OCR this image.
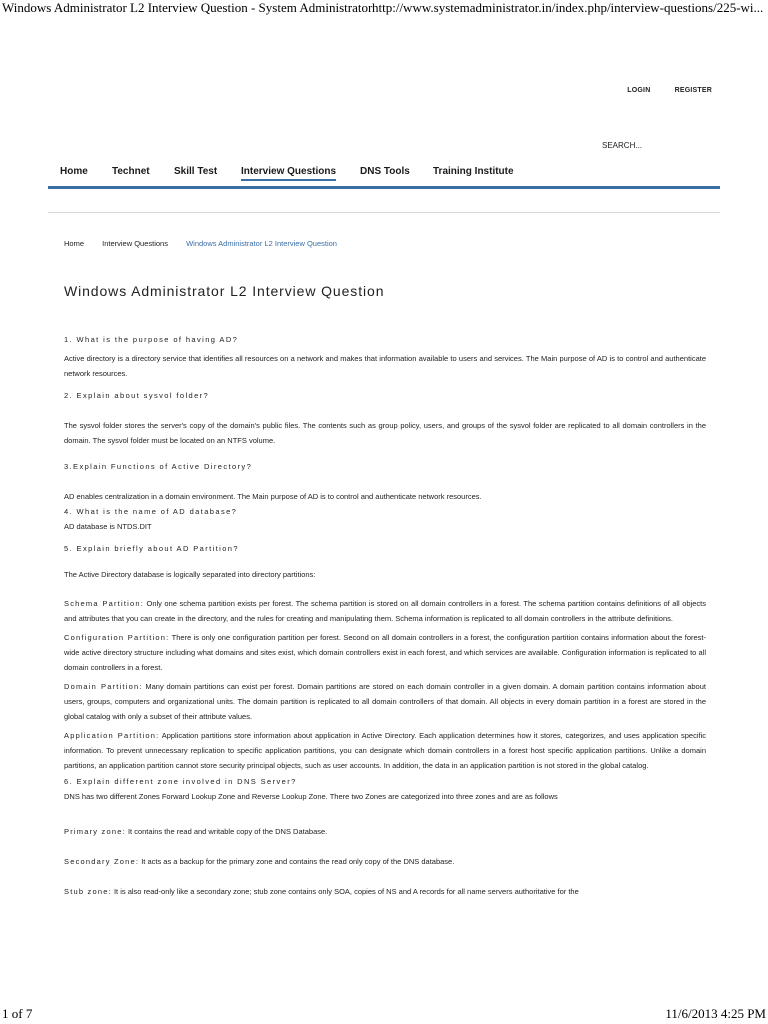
Windows Administrator L2 Interview Question - System Administrator http://www.systemadministrator.in/index.php/interview-questions/225-wi...
LOGIN	REGISTER
SEARCH...
Home Technet Skill Test Interview Questions DNS Tools Training Institute
Home Interview Questions Windows Administrator L2 Interview Question
Windows Administrator L2 Interview Question

1. What is the purpose of having AD?

Active directory is a directory service that identifies all resources on a network and makes that information available to users and services. The Main purpose of AD is to control and authenticate network resources.

2. Explain about sysvol folder?

The sysvol folder stores the server's copy of the domain's public files. The contents such as group policy, users, and groups of the sysvol folder are replicated to all domain controllers in the domain. The sysvol folder must be located on an NTFS volume.

3.Explain Functions of Active Directory?

AD enables centralization in a domain environment. The Main purpose of AD is to control and authenticate network resources.

4. What is the name of AD database?

AD database is NTDS.DIT

5. Explain briefly about AD Partition?

The Active Directory database is logically separated into directory partitions:

Schema Partition: Only one schema partition exists per forest. The schema partition is stored on all domain controllers in a forest. The schema partition contains definitions of all objects and attributes that you can create in the directory, and the rules for creating and manipulating them. Schema information is replicated to all domain controllers in the attribute definitions.

Configuration Partition: There is only one configuration partition per forest. Second on all domain controllers in a forest, the configuration partition contains information about the forest-wide active directory structure including what domains and sites exist, which domain controllers exist in each forest, and which services are available. Configuration information is replicated to all domain controllers in a forest.

Domain Partition: Many domain partitions can exist per forest. Domain partitions are stored on each domain controller in a given domain. A domain partition contains information about users, groups, computers and organizational units. The domain partition is replicated to all domain controllers of that domain. All objects in every domain partition in a forest are stored in the global catalog with only a subset of their attribute values.

Application Partition: Application partitions store information about application in Active Directory. Each application determines how it stores, categorizes, and uses application specific information. To prevent unnecessary replication to specific application partitions, you can designate which domain controllers in a forest host specific application partitions. Unlike a domain partitions, an application partition cannot store security principal objects, such as user accounts. In addition, the data in an application partition is not stored in the global catalog.

6. Explain different zone involved in DNS Server?

DNS has two different Zones Forward Lookup Zone and Reverse Lookup Zone. There two Zones are categorized into three zones and are as follows

Primary zone: It contains the read and writable copy of the DNS Database.

Secondary Zone: It acts as a backup for the primary zone and contains the read only copy of the DNS database.

Stub zone: It is also read-only like a secondary zone; stub zone contains only SOA, copies of NS and A records for all name servers authoritative for the

1 of 7	11/6/2013 4:25 PM
